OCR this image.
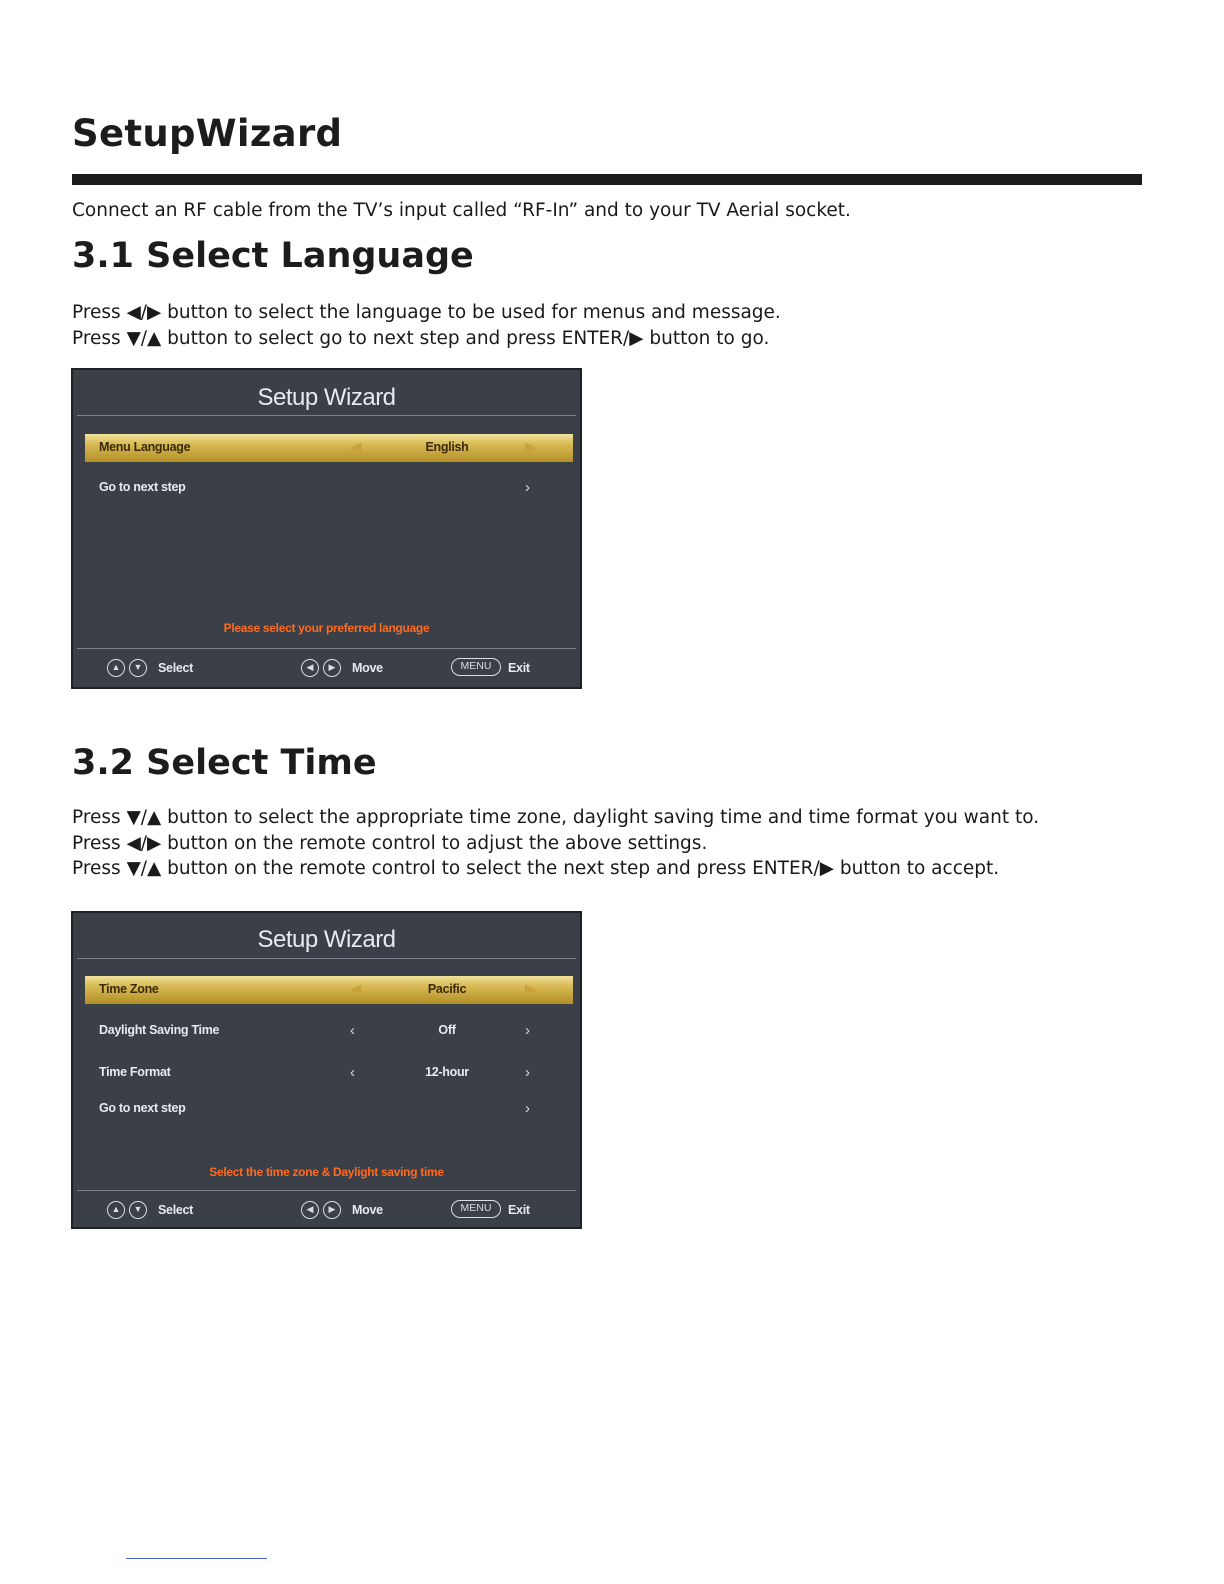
SetupWizard

Connect an RF cable from the TV’s input called “RF-In” and to your TV Aerial socket.

3.1 Select Language

Press ◀/▶ button to select the language to be used for menus and message.
Press ▼/▲ button to select go to next step and press ENTER/▶ button to go.

Setup Wizard
Menu Language	◀	English	▶
Go to next step	›
Please select your preferred language
▲	▼	Select	◀	▶	Move	MENU	Exit
3.2 Select Time

Press ▼/▲ button to select the appropriate time zone, daylight saving time and time format you want to.
Press ◀/▶ button on the remote control to adjust the above settings.
Press ▼/▲ button on the remote control to select the next step and press ENTER/▶ button to accept.

Setup Wizard
Time Zone	◀	Pacific	▶
Daylight Saving Time	‹	Off	›
Time Format	‹	12-hour	›
Go to next step	›
Select the time zone & Daylight saving time
▲	▼	Select	◀	▶	Move	MENU	Exit
